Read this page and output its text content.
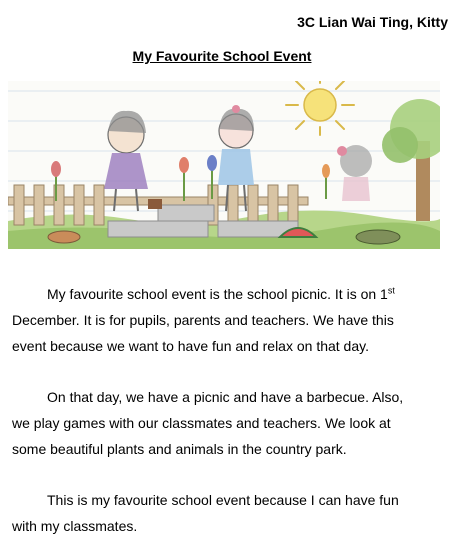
3C Lian Wai Ting, Kitty
My Favourite School Event
My favourite school event is the school picnic. It is on 1st
December. It is for pupils, parents and teachers. We have this
event because we want to have fun and relax on that day.
On that day, we have a picnic and have a barbecue. Also,
we play games with our classmates and teachers. We look at
some beautiful plants and animals in the country park.
This is my favourite school event because I can have fun
with my classmates.
